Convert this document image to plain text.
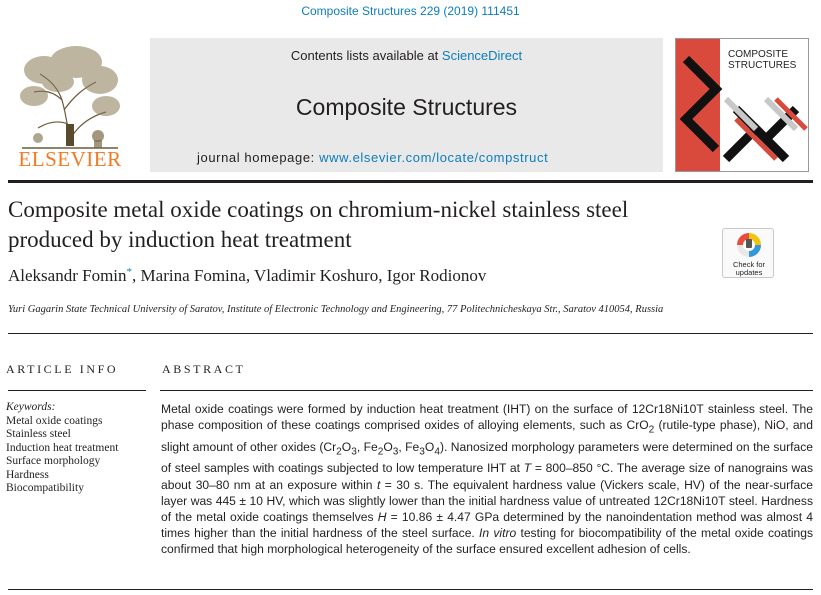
Composite Structures 229 (2019) 111451
ELSEVIER
Contents lists available at ScienceDirect
Composite Structures
journal homepage: www.elsevier.com/locate/compstruct
COMPOSITE
STRUCTURES
Composite metal oxide coatings on chromium-nickel stainless steel
produced by induction heat treatment
Check for
updates
Aleksandr Fomin*, Marina Fomina, Vladimir Koshuro, Igor Rodionov
Yuri Gagarin State Technical University of Saratov, Institute of Electronic Technology and Engineering, 77 Politechnicheskaya Str., Saratov 410054, Russia
ARTICLE INFO	ABSTRACT
Keywords:
Metal oxide coatings
Stainless steel
Induction heat treatment
Surface morphology
Hardness
Biocompatibility
Metal oxide coatings were formed by induction heat treatment (IHT) on the surface of 12Cr18Ni10T stainless steel. The phase composition of these coatings comprised oxides of alloying elements, such as CrO$_2$ (rutile-type phase), NiO, and slight amount of other oxides ($Cr_2O_3$, $Fe_2O_3$, $Fe_3O_4$). Nanosized morphology parameters were determined on the surface of steel samples with coatings subjected to low temperature IHT at T = 800–850 °C. The average size of nanograins was about 30–80 nm at an exposure within t = 30 s. The equivalent hardness value (Vickers scale, HV) of the near-surface layer was 445 ± 10 HV, which was slightly lower than the initial hardness value of untreated 12Cr18Ni10T steel. Hardness of the metal oxide coatings themselves H = 10.86 ± 4.47 GPa determined by the nanoindentation method was almost 4 times higher than the initial hardness of the steel surface. In vitro testing for biocompatibility of the metal oxide coatings confirmed that high morphological heterogeneity of the surface ensured excellent adhesion of cells.
